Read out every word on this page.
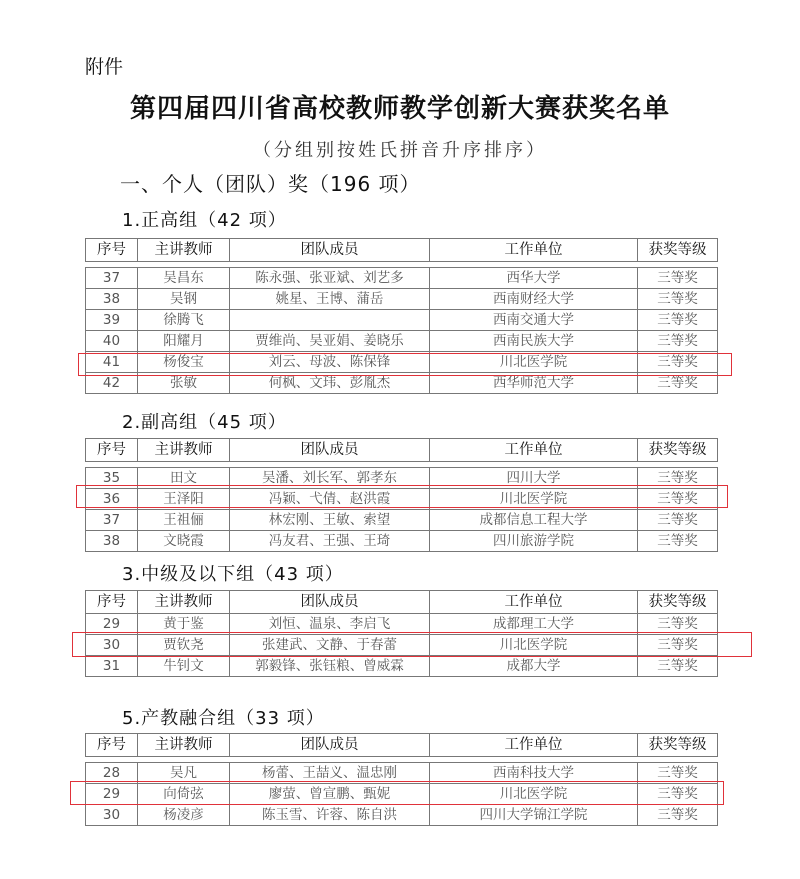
附件
第四届四川省高校教师教学创新大赛获奖名单
（分组别按姓氏拼音升序排序）
一、个人（团队）奖（196 项）
1.正高组（42 项）
序号	主讲教师	团队成员	工作单位	获奖等级

37	吴昌东	陈永强、张亚斌、刘艺多	西华大学	三等奖
38	吴钢	姚星、王博、蒲岳	西南财经大学	三等奖
39	徐腾飞		西南交通大学	三等奖
40	阳耀月	贾维尚、吴亚娟、姜晓乐	西南民族大学	三等奖
41	杨俊宝	刘云、母波、陈保锋	川北医学院	三等奖
42	张敏	何枫、文玮、彭胤杰	西华师范大学	三等奖
2.副高组（45 项）
序号	主讲教师	团队成员	工作单位	获奖等级

35	田文	吴潘、刘长军、郭孝东	四川大学	三等奖
36	王泽阳	冯颖、弋倩、赵洪霞	川北医学院	三等奖
37	王祖俪	林宏刚、王敏、索望	成都信息工程大学	三等奖
38	文晓霞	冯友君、王强、王琦	四川旅游学院	三等奖
3.中级及以下组（43 项）
序号	主讲教师	团队成员	工作单位	获奖等级
29	黄于鉴	刘恒、温泉、李启飞	成都理工大学	三等奖
30	贾钦尧	张建武、文静、于春蕾	川北医学院	三等奖
31	牛钊文	郭毅锋、张钰粮、曾威霖	成都大学	三等奖
5.产教融合组（33 项）
序号	主讲教师	团队成员	工作单位	获奖等级

28	吴凡	杨蕾、王喆义、温忠刚	西南科技大学	三等奖
29	向倚弦	廖萤、曾宣鹏、甄妮	川北医学院	三等奖
30	杨凌彦	陈玉雪、许蓉、陈自洪	四川大学锦江学院	三等奖
